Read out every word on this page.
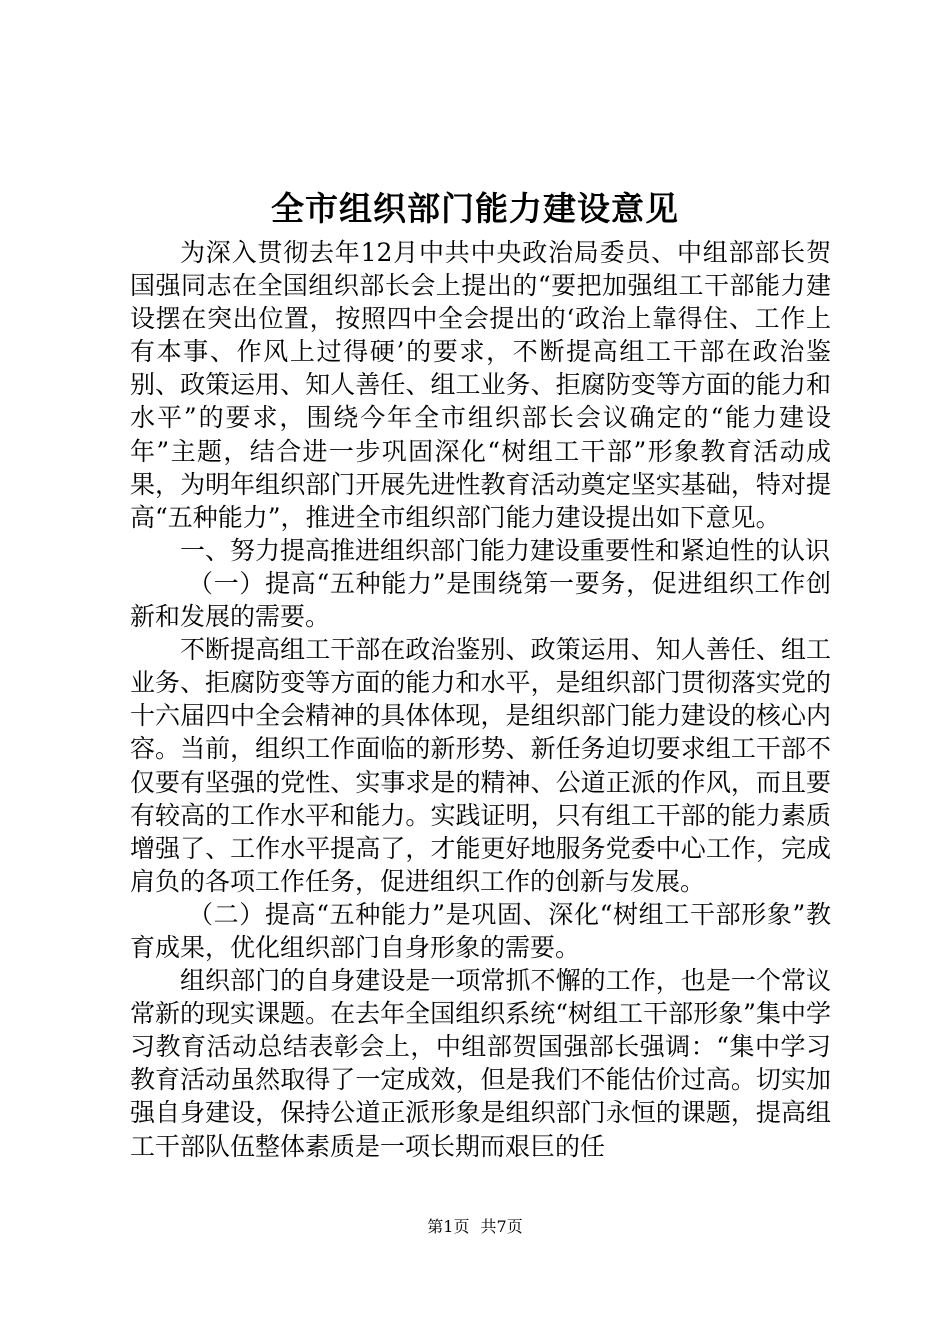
全市组织部门能力建设意见

为深入贯彻去年12月中共中央政治局委员、中组部部长贺国强同志在全国组织部长会上提出的“要把加强组工干部能力建设摆在突出位置，按照四中全会提出的‘政治上靠得住、工作上有本事、作风上过得硬’的要求，不断提高组工干部在政治鉴别、政策运用、知人善任、组工业务、拒腐防变等方面的能力和水平”的要求，围绕今年全市组织部长会议确定的“能力建设年”主题，结合进一步巩固深化“树组工干部”形象教育活动成果，为明年组织部门开展先进性教育活动奠定坚实基础，特对提高“五种能力”，推进全市组织部门能力建设提出如下意见。

一、努力提高推进组织部门能力建设重要性和紧迫性的认识

（一）提高“五种能力”是围绕第一要务，促进组织工作创新和发展的需要。

不断提高组工干部在政治鉴别、政策运用、知人善任、组工业务、拒腐防变等方面的能力和水平，是组织部门贯彻落实党的十六届四中全会精神的具体体现，是组织部门能力建设的核心内容。当前，组织工作面临的新形势、新任务迫切要求组工干部不仅要有坚强的党性、实事求是的精神、公道正派的作风，而且要有较高的工作水平和能力。实践证明，只有组工干部的能力素质增强了、工作水平提高了，才能更好地服务党委中心工作，完成肩负的各项工作任务，促进组织工作的创新与发展。

（二）提高“五种能力”是巩固、深化“树组工干部形象”教育成果，优化组织部门自身形象的需要。

组织部门的自身建设是一项常抓不懈的工作，也是一个常议常新的现实课题。在去年全国组织系统“树组工干部形象”集中学习教育活动总结表彰会上，中组部贺国强部长强调：“集中学习教育活动虽然取得了一定成效，但是我们不能估价过高。切实加强自身建设，保持公道正派形象是组织部门永恒的课题，提高组工干部队伍整体素质是一项长期而艰巨的任

第1页 共7页
